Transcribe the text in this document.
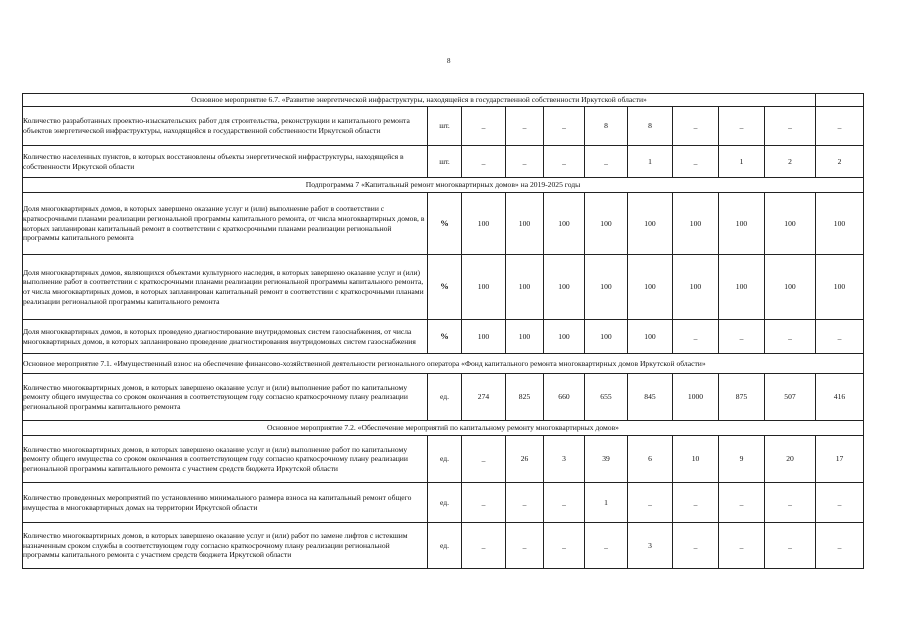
8
Основное мероприятие 6.7. «Развитие энергетической инфраструктуры, находящейся в государственной собственности Иркутской области»										
Количество разработанных проектно-изыскательских работ для строительства, реконструкции и капитального ремонта объектов энергетической инфраструктуры, находящейся в государственной собственности Иркутской области	шт.	_	_	_	8	8	_	_	_	_
Количество населенных пунктов, в которых восстановлены объекты энергетической инфраструктуры, находящейся в собственности Иркутской области	шт.	_	_	_	_	1	_	1	2	2
Подпрограмма 7 «Капитальный ремонт многоквартирных домов» на 2019-2025 годы										
Доля многоквартирных домов, в которых завершено оказание услуг и (или) выполнение работ в соответствии с краткосрочными планами реализации региональной программы капитального ремонта, от числа многоквартирных домов, в которых запланирован капитальный ремонт в соответствии с краткосрочными планами реализации региональной программы капитального ремонта	%	100	100	100	100	100	100	100	100	100
Доля многоквартирных домов, являющихся объектами культурного наследия, в которых завершено оказание услуг и (или) выполнение работ в соответствии с краткосрочными планами реализации региональной программы капитального ремонта, от числа многоквартирных домов, в которых запланирован капитальный ремонт в соответствии с краткосрочными планами реализации региональной программы капитального ремонта	%	100	100	100	100	100	100	100	100	100
Доля многоквартирных домов, в которых проведено диагностирование внутридомовых систем газоснабжения, от числа многоквартирных домов, в которых запланировано проведение диагностирования внутридомовых систем газоснабжения	%	100	100	100	100	100	_	_	_	_
Основное мероприятие 7.1. «Имущественный взнос на обеспечение финансово-хозяйственной деятельности регионального оператора «Фонд капитального ремонта многоквартирных домов Иркутской области»										
Количество многоквартирных домов, в которых завершено оказание услуг и (или) выполнение работ по капитальному ремонту общего имущества со сроком окончания в соответствующем году согласно краткосрочному плану реализации региональной программы капитального ремонта	ед.	274	825	660	655	845	1000	875	507	416
Основное мероприятие 7.2. «Обеспечение мероприятий по капитальному ремонту многоквартирных домов»										
Количество многоквартирных домов, в которых завершено оказание услуг и (или) выполнение работ по капитальному ремонту общего имущества со сроком окончания в соответствующем году согласно краткосрочному плану реализации региональной программы капитального ремонта с участием средств бюджета Иркутской области	ед.	_	26	3	39	6	10	9	20	17
Количество проведенных мероприятий по установлению минимального размера взноса на капитальный ремонт общего имущества в многоквартирных домах на территории Иркутской области	ед.	_	_	_	1	_	_	_	_	_
Количество многоквартирных домов, в которых завершено оказание услуг и (или) работ по замене лифтов с истекшим назначенным сроком службы в соответствующем году согласно краткосрочному плану реализации региональной программы капитального ремонта с участием средств бюджета Иркутской области	ед.	_	_	_	_	3	_	_	_	_
